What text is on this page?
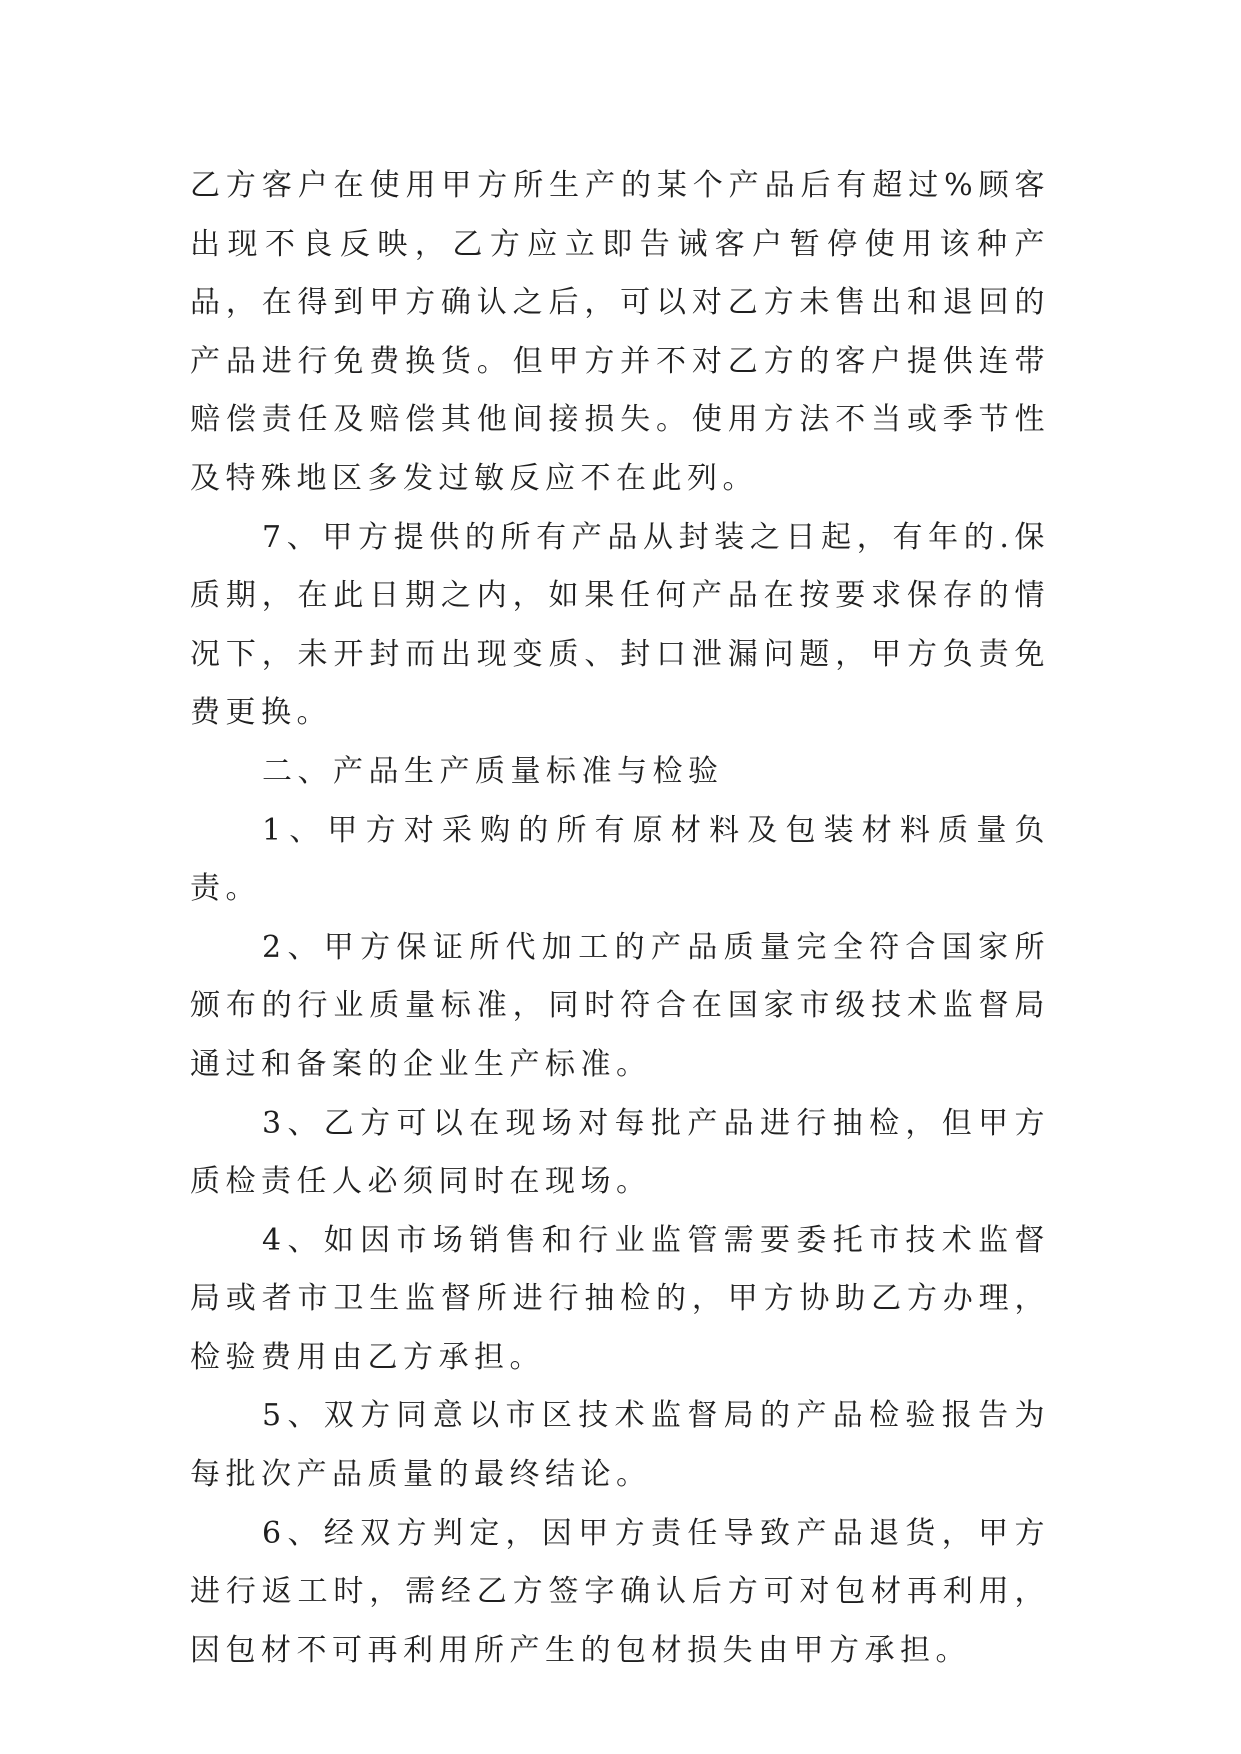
乙方客户在使用甲方所生产的某个产品后有超过%顾客出现不良反映，乙方应立即告诫客户暂停使用该种产品，在得到甲方确认之后，可以对乙方未售出和退回的产品进行免费换货。但甲方并不对乙方的客户提供连带赔偿责任及赔偿其他间接损失。使用方法不当或季节性及特殊地区多发过敏反应不在此列。

7、甲方提供的所有产品从封装之日起，有年的.保质期，在此日期之内，如果任何产品在按要求保存的情况下，未开封而出现变质、封口泄漏问题，甲方负责免费更换。

二、产品生产质量标准与检验

1、甲方对采购的所有原材料及包装材料质量负责。

2、甲方保证所代加工的产品质量完全符合国家所颁布的行业质量标准，同时符合在国家市级技术监督局通过和备案的企业生产标准。

3、乙方可以在现场对每批产品进行抽检，但甲方质检责任人必须同时在现场。

4、如因市场销售和行业监管需要委托市技术监督局或者市卫生监督所进行抽检的，甲方协助乙方办理，检验费用由乙方承担。

5、双方同意以市区技术监督局的产品检验报告为每批次产品质量的最终结论。

6、经双方判定，因甲方责任导致产品退货，甲方进行返工时，需经乙方签字确认后方可对包材再利用，因包材不可再利用所产生的包材损失由甲方承担。
